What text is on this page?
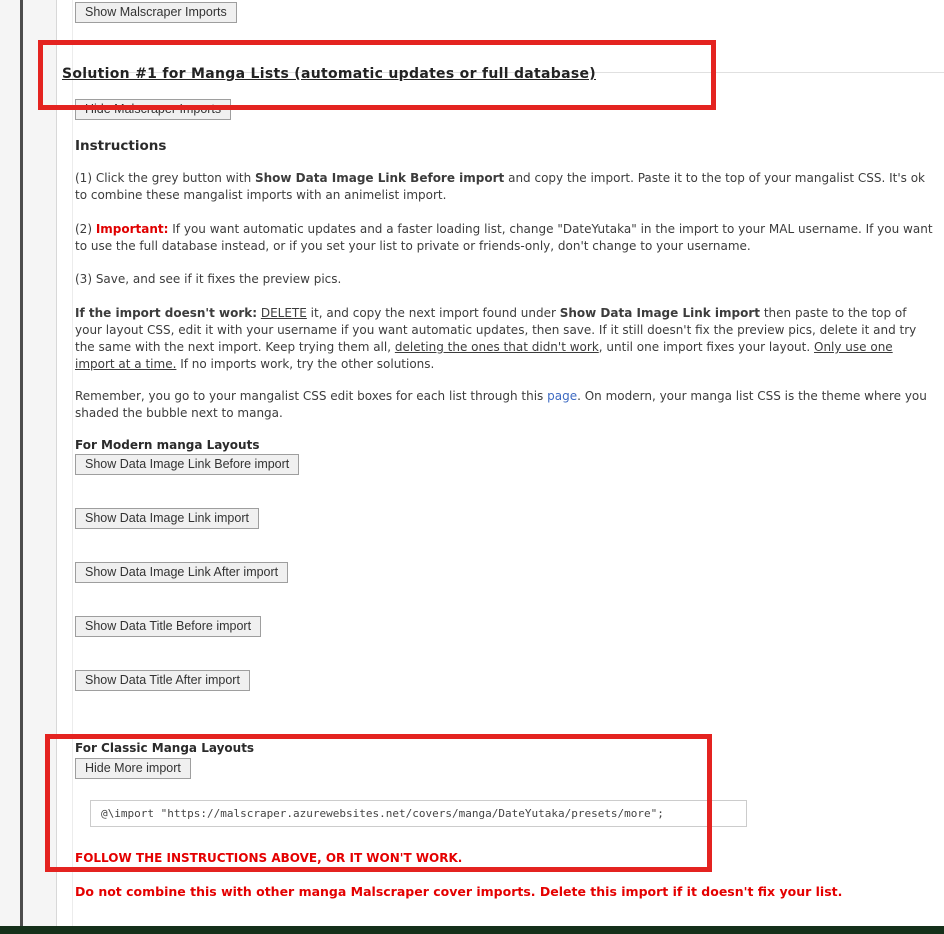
Show Malscraper Imports
Solution #1 for Manga Lists (automatic updates or full database)
Hide Malscraper Imports
Instructions
(1) Click the grey button with Show Data Image Link Before import and copy the import. Paste it to the top of your mangalist CSS. It's ok to combine these mangalist imports with an animelist import.
(2) Important: If you want automatic updates and a faster loading list, change "DateYutaka" in the import to your MAL username. If you want to use the full database instead, or if you set your list to private or friends-only, don't change to your username.
(3) Save, and see if it fixes the preview pics.
If the import doesn't work: DELETE it, and copy the next import found under Show Data Image Link import then paste to the top of your layout CSS, edit it with your username if you want automatic updates, then save. If it still doesn't fix the preview pics, delete it and try the same with the next import. Keep trying them all, deleting the ones that didn't work, until one import fixes your layout. Only use one import at a time. If no imports work, try the other solutions.
Remember, you go to your mangalist CSS edit boxes for each list through this page. On modern, your manga list CSS is the theme where you shaded the bubble next to manga.
For Modern manga Layouts
Show Data Image Link Before import
Show Data Image Link import
Show Data Image Link After import
Show Data Title Before import
Show Data Title After import
For Classic Manga Layouts
Hide More import
@\import "https://malscraper.azurewebsites.net/covers/manga/DateYutaka/presets/more";
FOLLOW THE INSTRUCTIONS ABOVE, OR IT WON'T WORK.
Do not combine this with other manga Malscraper cover imports. Delete this import if it doesn't fix your list.
